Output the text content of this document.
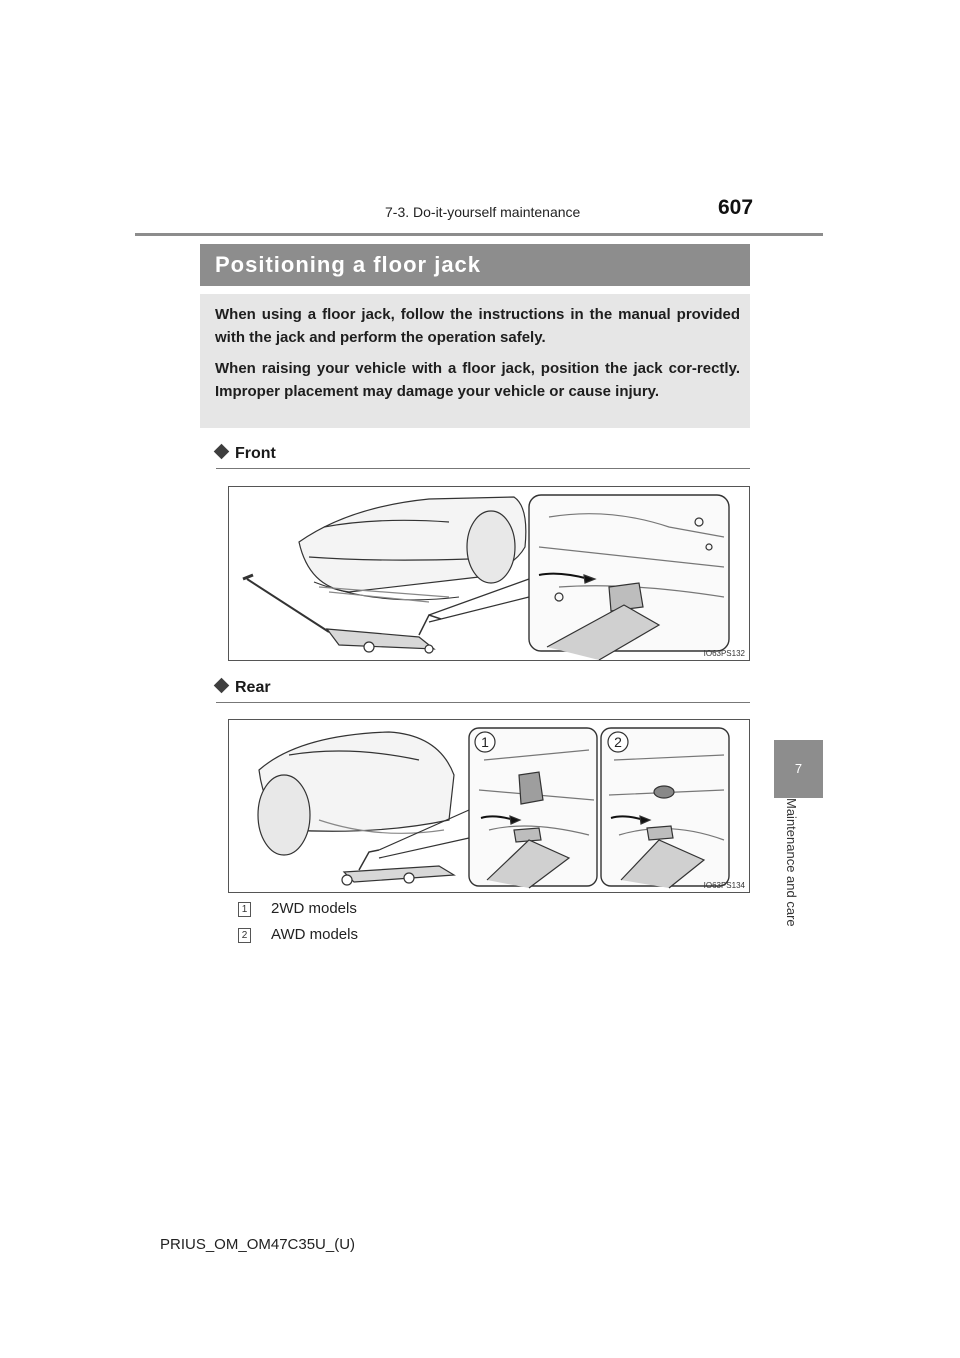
7-3. Do-it-yourself maintenance	607
Positioning a floor jack

When using a floor jack, follow the instructions in the manual provided with the jack and perform the operation safely.

When raising your vehicle with a floor jack, position the jack cor-rectly. Improper placement may damage your vehicle or cause injury.

Front
IO63PS132
Rear
1	2
IO63PS134
1 2WD models
2 AWD models
7
Maintenance and care
PRIUS_OM_OM47C35U_(U)
